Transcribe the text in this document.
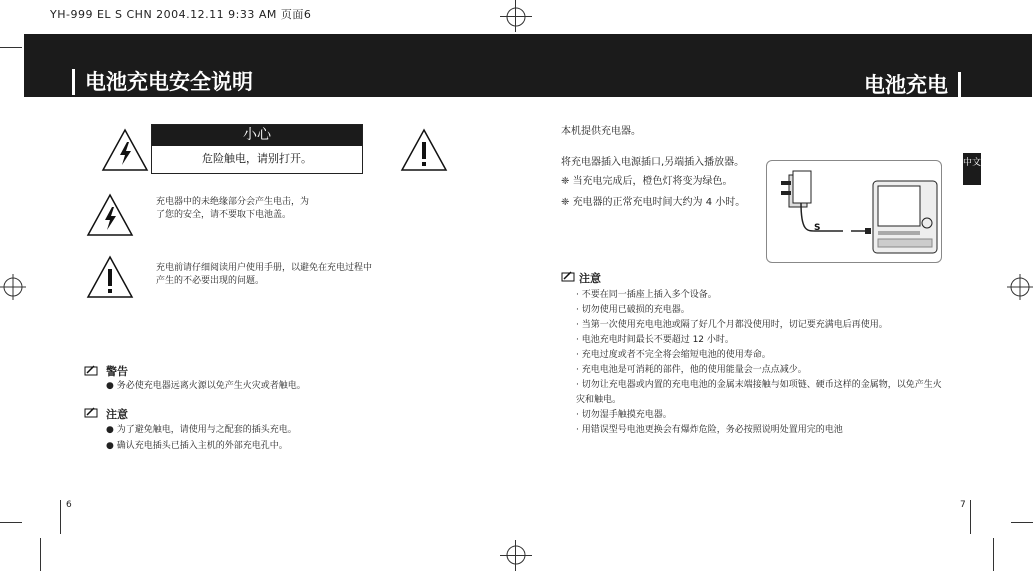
YH-999 EL S CHN 2004.12.11 9:33 AM 页面6
电池充电安全说明	电池充电
小心
危险触电，请别打开。
充电器中的未绝缘部分会产生电击，为了您的安全，请不要取下电池盖。
充电前请仔细阅读用户使用手册，以避免在充电过程中产生的不必要出现的问题。
警告
● 务必使充电器远离火源以免产生火灾或者触电。
注意
● 为了避免触电，请使用与之配套的插头充电。
● 确认充电插头已插入主机的外部充电孔中。
本机提供充电器。
将充电器插入电源插口,另端插入播放器。
❈ 当充电完成后，橙色灯将变为绿色。
❈ 充电器的正常充电时间大约为 4 小时。
中文
S
注意
· 不要在同一插座上插入多个设备。
· 切勿使用已破损的充电器。
· 当第一次使用充电电池或隔了好几个月都没使用时，切记要充满电后再使用。
· 电池充电时间最长不要超过 12 小时。
· 充电过度或者不完全将会缩短电池的使用寿命。
· 充电电池是可消耗的部件，他的使用能量会一点点减少。
· 切勿让充电器或内置的充电电池的金属末端接触与如项链、硬币这样的金属物，以免产生火灾和触电。
· 切勿湿手触摸充电器。
· 用错误型号电池更换会有爆炸危险，务必按照说明处置用完的电池
6	7
